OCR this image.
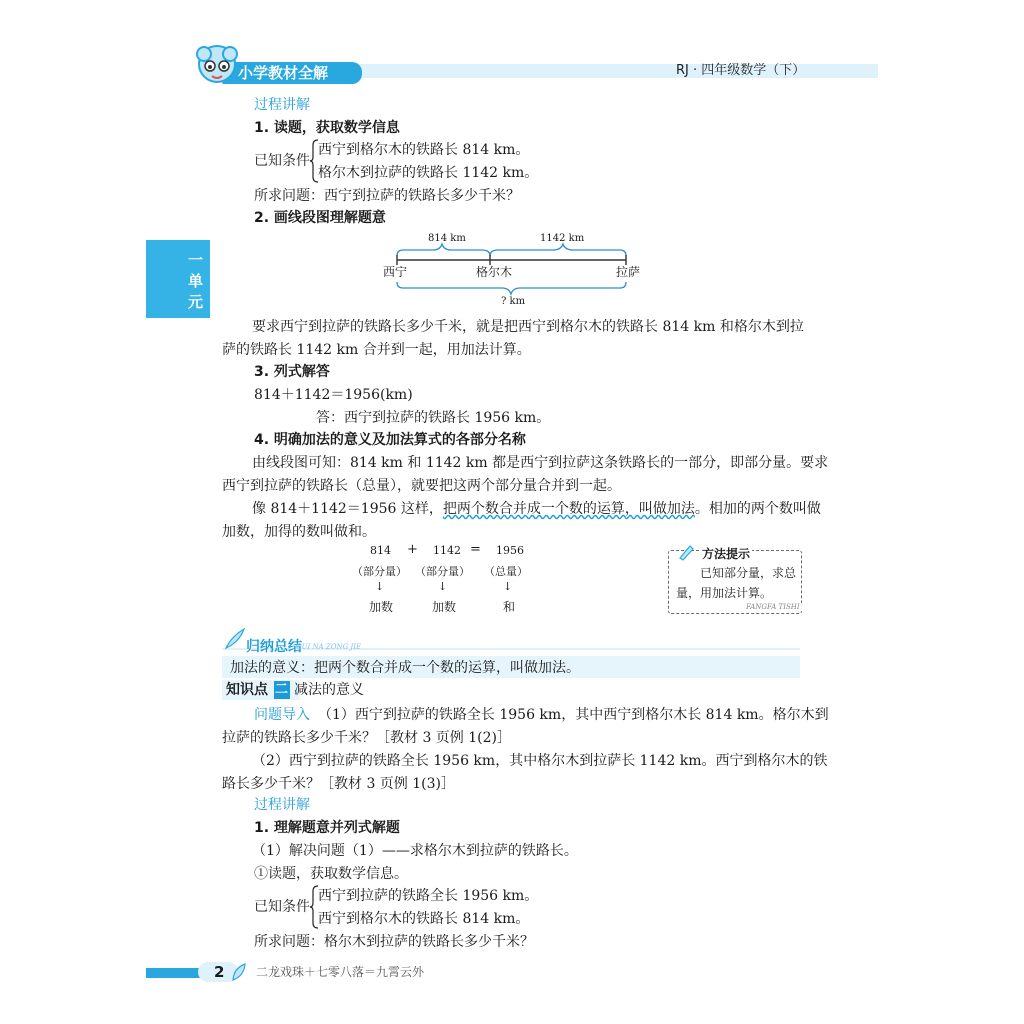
小学教材全解	RJ · 四年级数学（下）
一
单
元
过程讲解
1. 读题，获取数学信息
已知条件
西宁到格尔木的铁路长 814 km。
格尔木到拉萨的铁路长 1142 km。
所求问题：西宁到拉萨的铁路长多少千米？
2. 画线段图理解题意
814 km	1142 km
西宁	格尔木	拉萨
? km
要求西宁到拉萨的铁路长多少千米，就是把西宁到格尔木的铁路长 814 km 和格尔木到拉
萨的铁路长 1142 km 合并到一起，用加法计算。
3. 列式解答
814＋1142＝1956(km)
答：西宁到拉萨的铁路长 1956 km。
4. 明确加法的意义及加法算式的各部分名称
由线段图可知：814 km 和 1142 km 都是西宁到拉萨这条铁路长的一部分，即部分量。要求
西宁到拉萨的铁路长（总量），就要把这两个部分量合并到一起。
像 814＋1142＝1956 这样，把两个数合并成一个数的运算，叫做加法。相加的两个数叫做
加数，加得的数叫做和。
814 + 1142 = 1956
（部分量） （部分量） （总量）
↓	↓	↓
加数	加数	和
方法提示
已知部分量，求总
量，用加法计算。
FANGFA TISHI
归纳总结
GUI NA ZONG JIE
加法的意义：把两个数合并成一个数的运算，叫做加法。
知识点 二 减法的意义
问题导入 （1）西宁到拉萨的铁路全长 1956 km，其中西宁到格尔木长 814 km。格尔木到
拉萨的铁路长多少千米？［教材 3 页例 1(2)］
（2）西宁到拉萨的铁路全长 1956 km，其中格尔木到拉萨长 1142 km。西宁到格尔木的铁
路长多少千米？［教材 3 页例 1(3)］
过程讲解
1. 理解题意并列式解题
（1）解决问题（1）——求格尔木到拉萨的铁路长。
①读题，获取数学信息。
已知条件
西宁到拉萨的铁路全长 1956 km。
西宁到格尔木的铁路长 814 km。
所求问题：格尔木到拉萨的铁路长多少千米？
2	二龙戏珠＋七零八落＝九霄云外
